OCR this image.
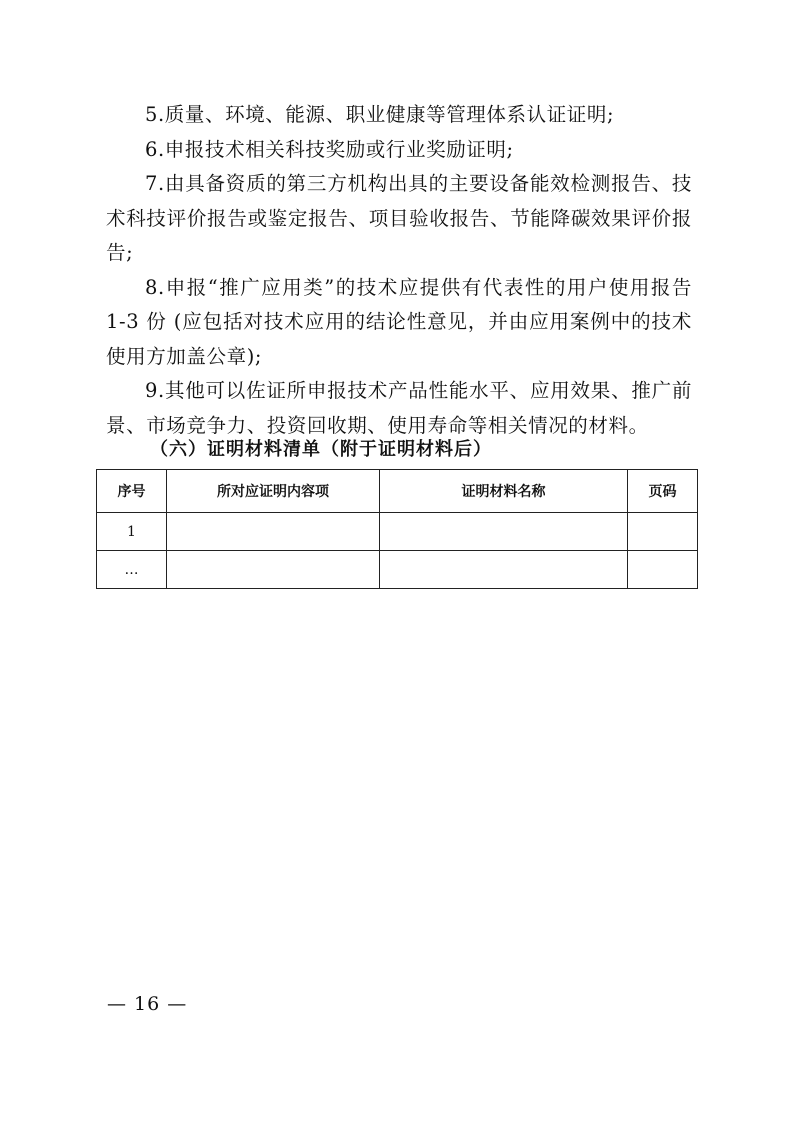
5.质量、环境、能源、职业健康等管理体系认证证明;

6.申报技术相关科技奖励或行业奖励证明;

7.由具备资质的第三方机构出具的主要设备能效检测报告、技术科技评价报告或鉴定报告、项目验收报告、节能降碳效果评价报告;

8.申报“推广应用类”的技术应提供有代表性的用户使用报告 1-3 份 (应包括对技术应用的结论性意见，并由应用案例中的技术使用方加盖公章);

9.其他可以佐证所申报技术产品性能水平、应用效果、推广前景、市场竞争力、投资回收期、使用寿命等相关情况的材料。

（六）证明材料清单（附于证明材料后）
序号	所对应证明内容项	证明材料名称	页码
1			
…			
— 16 —
